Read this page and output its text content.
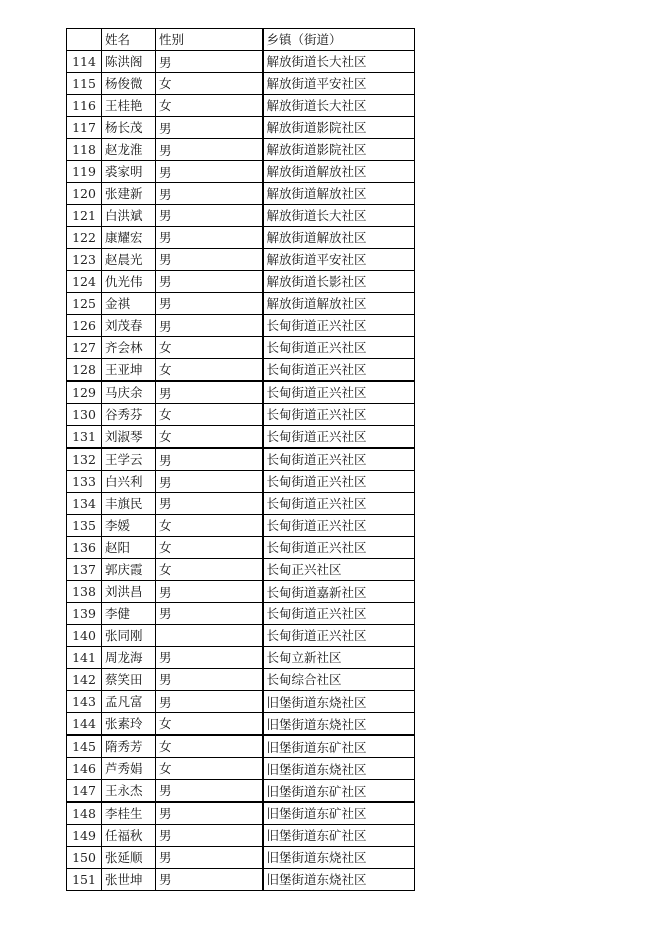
	姓名	性别	乡镇（街道）
114	陈洪阁	男	解放街道长大社区
115	杨俊微	女	解放街道平安社区
116	王桂艳	女	解放街道长大社区
117	杨长茂	男	解放街道影院社区
118	赵龙淮	男	解放街道影院社区
119	裘家明	男	解放街道解放社区
120	张建新	男	解放街道解放社区
121	白洪斌	男	解放街道长大社区
122	康耀宏	男	解放街道解放社区
123	赵晨光	男	解放街道平安社区
124	仇光伟	男	解放街道长影社区
125	金祺	男	解放街道解放社区
126	刘茂春	男	长甸街道正兴社区
127	齐会林	女	长甸街道正兴社区
128	王亚坤	女	长甸街道正兴社区
129	马庆余	男	长甸街道正兴社区
130	谷秀芬	女	长甸街道正兴社区
131	刘淑琴	女	长甸街道正兴社区
132	王学云	男	长甸街道正兴社区
133	白兴利	男	长甸街道正兴社区
134	丰旗民	男	长甸街道正兴社区
135	李媛	女	长甸街道正兴社区
136	赵阳	女	长甸街道正兴社区
137	郭庆霞	女	长甸正兴社区
138	刘洪昌	男	长甸街道嘉新社区
139	李健	男	长甸街道正兴社区
140	张同刚		长甸街道正兴社区
141	周龙海	男	长甸立新社区
142	蔡笑田	男	长甸综合社区
143	孟凡富	男	旧堡街道东烧社区
144	张素玲	女	旧堡街道东烧社区
145	隋秀芳	女	旧堡街道东矿社区
146	芦秀娟	女	旧堡街道东烧社区
147	王永杰	男	旧堡街道东矿社区
148	李桂生	男	旧堡街道东矿社区
149	任福秋	男	旧堡街道东矿社区
150	张延顺	男	旧堡街道东烧社区
151	张世坤	男	旧堡街道东烧社区
